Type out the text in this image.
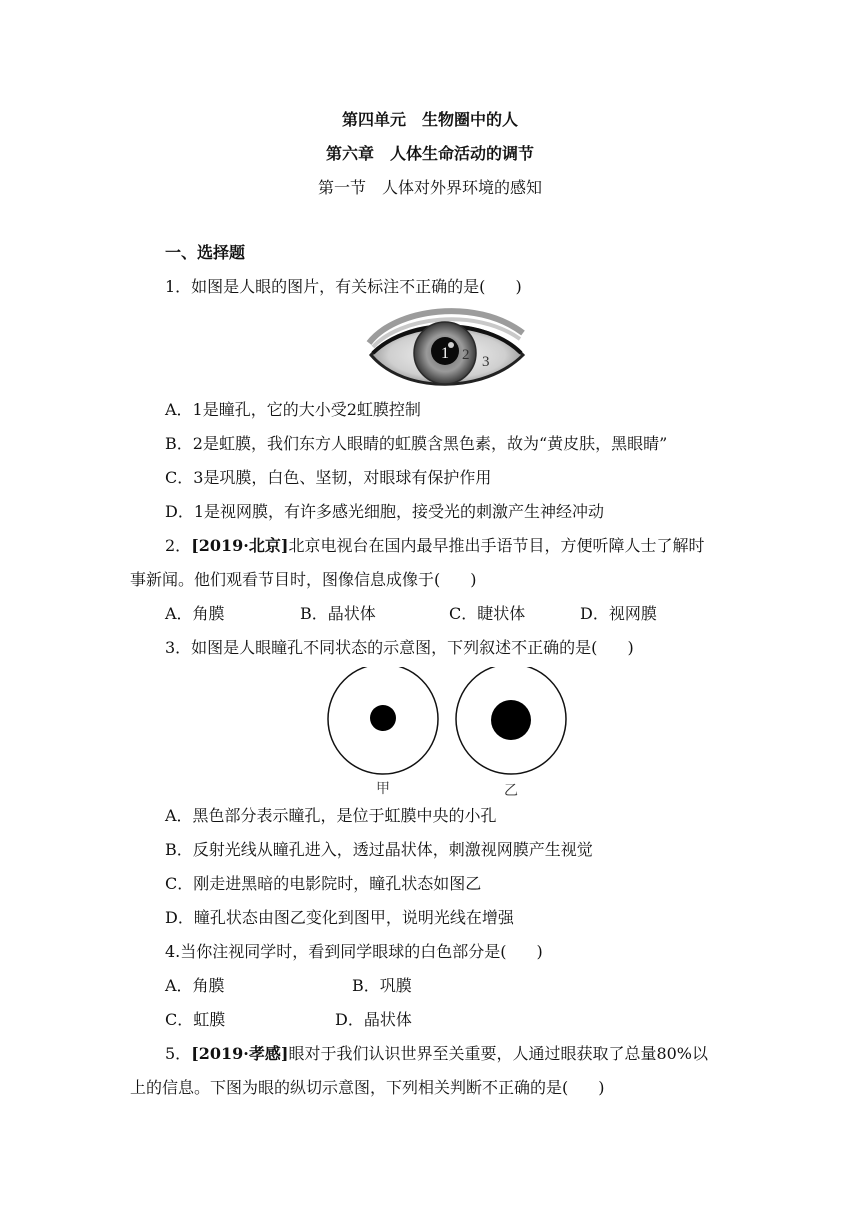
第四单元　生物圈中的人
第六章　人体生命活动的调节
第一节　人体对外界环境的感知
一、选择题
1．如图是人眼的图片，有关标注不正确的是( )
1 2 3
A．1是瞳孔，它的大小受2虹膜控制
B．2是虹膜，我们东方人眼睛的虹膜含黑色素，故为“黄皮肤，黑眼睛”
C．3是巩膜，白色、坚韧，对眼球有保护作用
D．1是视网膜，有许多感光细胞，接受光的刺激产生神经冲动
2．[2019·北京]北京电视台在国内最早推出手语节目，方便听障人士了解时
事新闻。他们观看节目时，图像信息成像于( )
A．角膜	B．晶状体	C．睫状体	D．视网膜
3．如图是人眼瞳孔不同状态的示意图，下列叙述不正确的是( )
甲	乙
A．黑色部分表示瞳孔，是位于虹膜中央的小孔
B．反射光线从瞳孔进入，透过晶状体，刺激视网膜产生视觉
C．刚走进黑暗的电影院时，瞳孔状态如图乙
D．瞳孔状态由图乙变化到图甲，说明光线在增强
4.当你注视同学时，看到同学眼球的白色部分是( )
A．角膜	B．巩膜
C．虹膜	D．晶状体
5．[2019·孝感]眼对于我们认识世界至关重要，人通过眼获取了总量80%以
上的信息。下图为眼的纵切示意图，下列相关判断不正确的是( )
